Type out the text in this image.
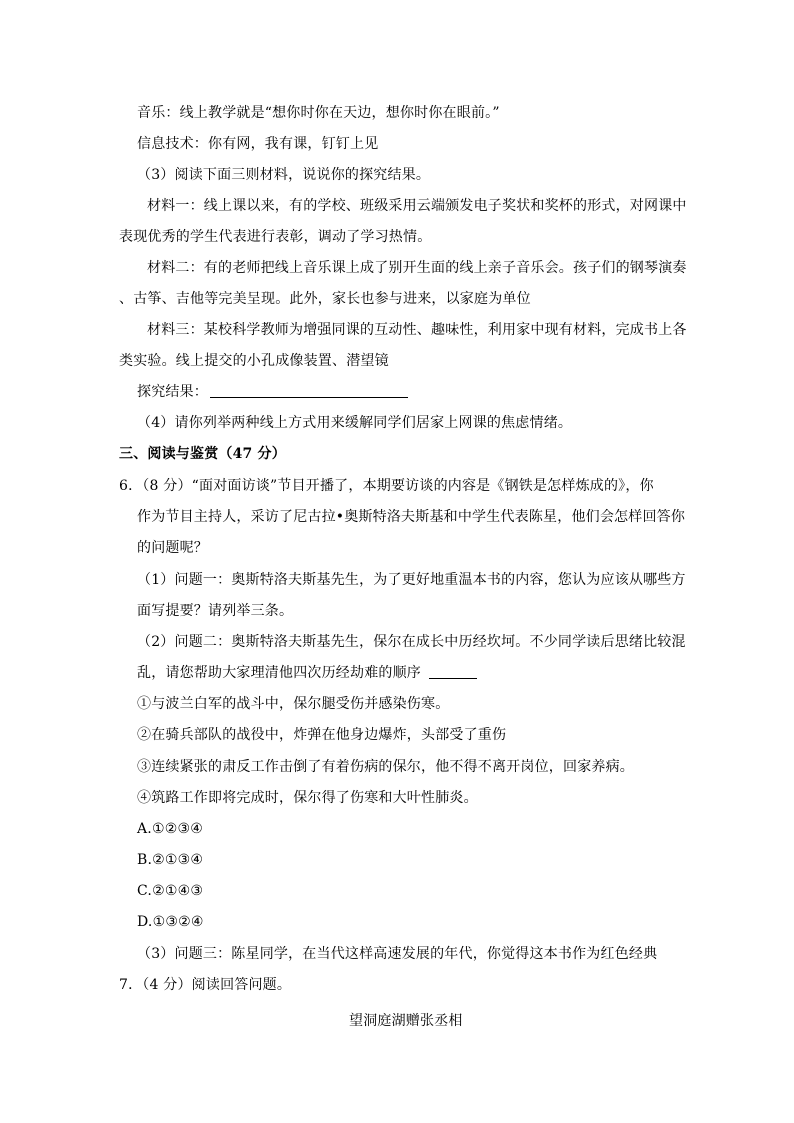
音乐：线上教学就是“想你时你在天边，想你时你在眼前。”
信息技术：你有网，我有课，钉钉上见
（3）阅读下面三则材料，说说你的探究结果。
材料一：线上课以来，有的学校、班级采用云端颁发电子奖状和奖杯的形式，对网课中
表现优秀的学生代表进行表彰，调动了学习热情。
材料二：有的老师把线上音乐课上成了别开生面的线上亲子音乐会。孩子们的钢琴演奏
、古筝、吉他等完美呈现。此外，家长也参与进来，以家庭为单位
材料三：某校科学教师为增强同课的互动性、趣味性，利用家中现有材料，完成书上各
类实验。线上提交的小孔成像装置、潜望镜
探究结果：
（4）请你列举两种线上方式用来缓解同学们居家上网课的焦虑情绪。
三、阅读与鉴赏（47 分）
6．（8 分）“面对面访谈”节目开播了，本期要访谈的内容是《钢铁是怎样炼成的》，你
作为节目主持人，采访了尼古拉•奥斯特洛夫斯基和中学生代表陈星，他们会怎样回答你
的问题呢？
（1）问题一：奥斯特洛夫斯基先生，为了更好地重温本书的内容，您认为应该从哪些方
面写提要？请列举三条。
（2）问题二：奥斯特洛夫斯基先生，保尔在成长中历经坎坷。不少同学读后思绪比较混
乱，请您帮助大家理清他四次历经劫难的顺序
①与波兰白军的战斗中，保尔腿受伤并感染伤寒。
②在骑兵部队的战役中，炸弹在他身边爆炸，头部受了重伤
③连续紧张的肃反工作击倒了有着伤病的保尔，他不得不离开岗位，回家养病。
④筑路工作即将完成时，保尔得了伤寒和大叶性肺炎。
A.①②③④
B.②①③④
C.②①④③
D.①③②④
（3）问题三：陈星同学，在当代这样高速发展的年代，你觉得这本书作为红色经典
7．（4 分）阅读回答问题。
望洞庭湖赠张丞相
